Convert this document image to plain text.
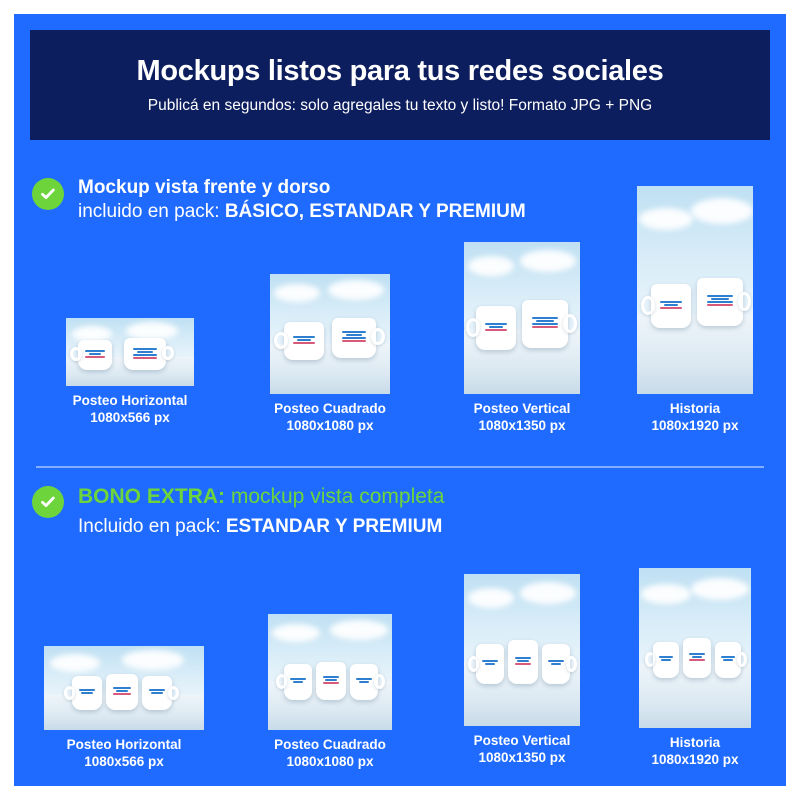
Mockups listos para tus redes sociales
Publicá en segundos: solo agregales tu texto y listo! Formato JPG + PNG
Mockup vista frente y dorso
incluido en pack: BÁSICO, ESTANDAR Y PREMIUM
Posteo Horizontal
1080x566 px
Posteo Cuadrado
1080x1080 px
Posteo Vertical
1080x1350 px
Historia
1080x1920 px
BONO EXTRA: mockup vista completa
Incluido en pack: ESTANDAR Y PREMIUM
Posteo Horizontal
1080x566 px
Posteo Cuadrado
1080x1080 px
Posteo Vertical
1080x1350 px
Historia
1080x1920 px
